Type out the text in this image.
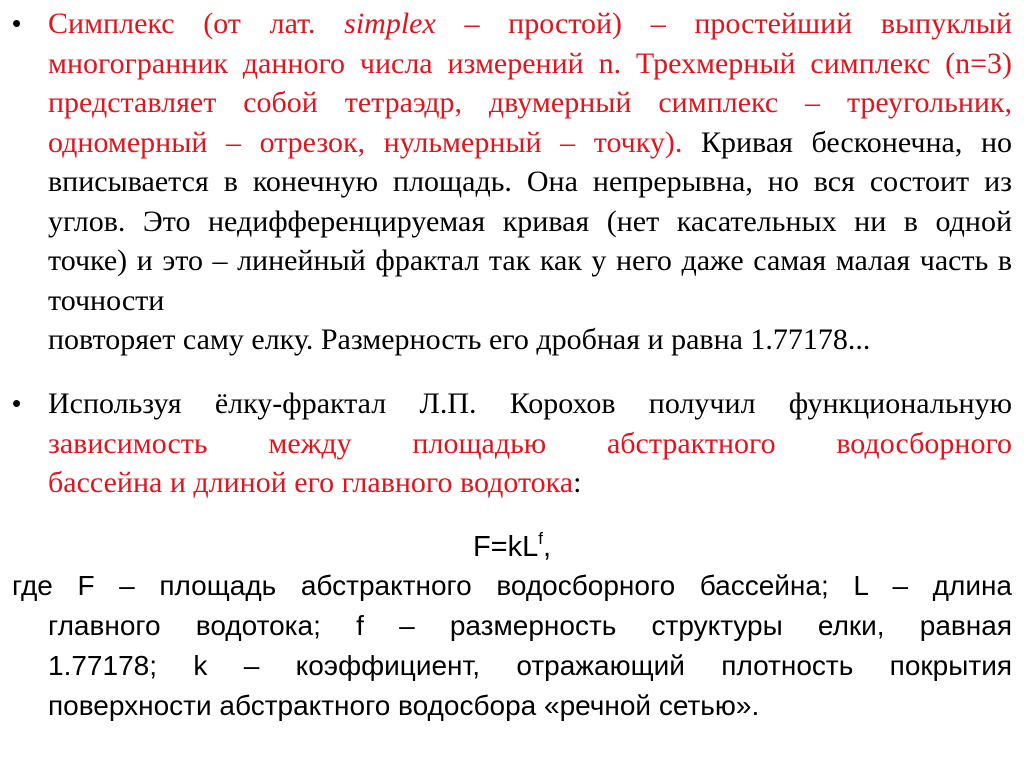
• Симплекс (от лат. simplex – простой) – простейший выпуклый многогранник данного числа измерений n. Трехмерный симплекс (n=3) представляет собой тетраэдр, двумерный симплекс – треугольник, одномерный – отрезок, нульмерный – точку). Кривая бесконечна, но вписывается в конечную площадь. Она непрерывна, но вся состоит из углов. Это недифференцируемая кривая (нет касательных ни в одной точке) и это – линейный фрактал так как у него даже самая малая часть в точности
повторяет саму елку. Размерность его дробная и равна 1.77178...
• Используя ёлку-фрактал Л.П. Корохов получил функциональную зависимость между площадью абстрактного водосборного
бассейна и длиной его главного водотока:
$F=kL^f$,
где F – площадь абстрактного водосборного бассейна; L – длина
главного водотока; f – размерность структуры елки, равная
1.77178; k – коэффициент, отражающий плотность покрытия
поверхности абстрактного водосбора «речной сетью».
